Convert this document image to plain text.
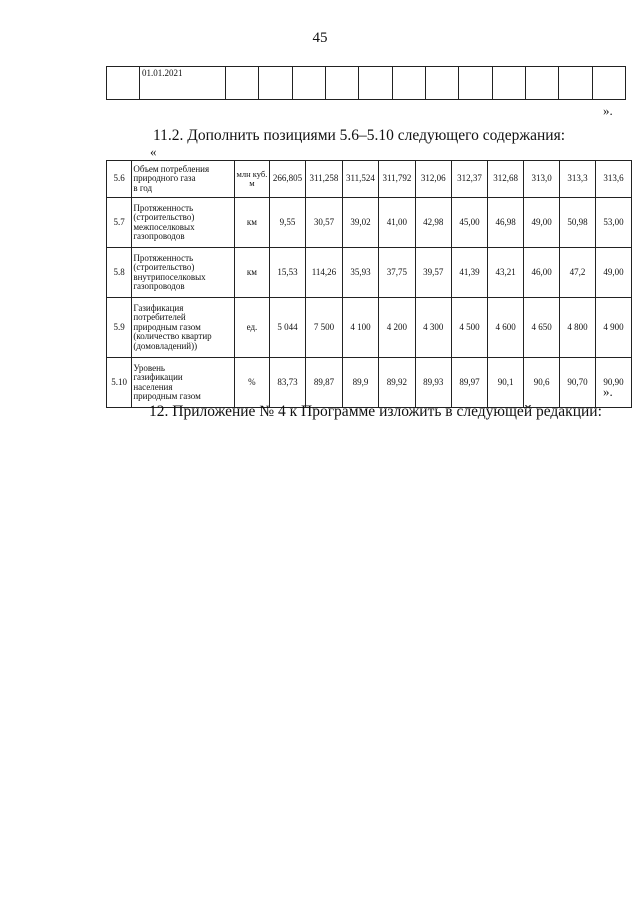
45
	01.01.2021												
».
11.2. Дополнить позициями 5.6–5.10 следующего содержания:
«
5.6	Объем потребления
природного газа
в год	млн куб. м	266,805	311,258	311,524	311,792	312,06	312,37	312,68	313,0	313,3	313,6
5.7	Протяженность
(строительство)
межпоселковых
газопроводов	км	9,55	30,57	39,02	41,00	42,98	45,00	46,98	49,00	50,98	53,00
5.8	Протяженность
(строительство)
внутрипоселковых
газопроводов	км	15,53	114,26	35,93	37,75	39,57	41,39	43,21	46,00	47,2	49,00
5.9	Газификация
потребителей
природным газом
(количество квартир
(домовладений))	ед.	5 044	7 500	4 100	4 200	4 300	4 500	4 600	4 650	4 800	4 900
5.10	Уровень
газификации
населения
природным газом	%	83,73	89,87	89,9	89,92	89,93	89,97	90,1	90,6	90,70	90,90
».
12. Приложение № 4 к Программе изложить в следующей редакции:
